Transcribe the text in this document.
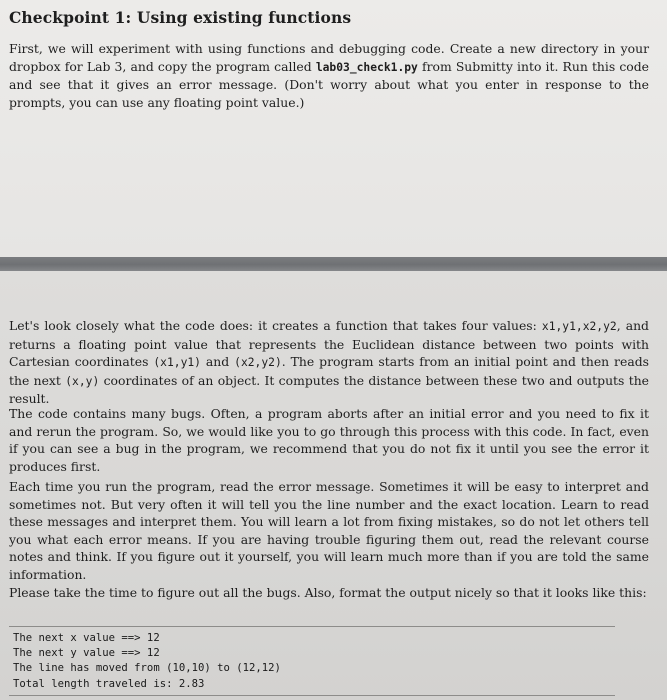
Checkpoint 1: Using existing functions

First, we will experiment with using functions and debugging code. Create a new directory in your dropbox for Lab 3, and copy the program called lab03_check1.py from Submitty into it. Run this code and see that it gives an error message. (Don't worry about what you enter in response to the prompts, you can use any floating point value.)

Let's look closely what the code does: it creates a function that takes four values: x1,y1,x2,y2, and returns a floating point value that represents the Euclidean distance between two points with Cartesian coordinates (x1,y1) and (x2,y2). The program starts from an initial point and then reads the next (x,y) coordinates of an object. It computes the distance between these two and outputs the result.

The code contains many bugs. Often, a program aborts after an initial error and you need to fix it and rerun the program. So, we would like you to go through this process with this code. In fact, even if you can see a bug in the program, we recommend that you do not fix it until you see the error it produces first.

Each time you run the program, read the error message. Sometimes it will be easy to interpret and sometimes not. But very often it will tell you the line number and the exact location. Learn to read these messages and interpret them. You will learn a lot from fixing mistakes, so do not let others tell you what each error means. If you are having trouble figuring them out, read the relevant course notes and think. If you figure out it yourself, you will learn much more than if you are told the same information.

Please take the time to figure out all the bugs. Also, format the output nicely so that it looks like this:

The next x value ==> 12
The next y value ==> 12
The line has moved from (10,10) to (12,12)
Total length traveled is: 2.83
